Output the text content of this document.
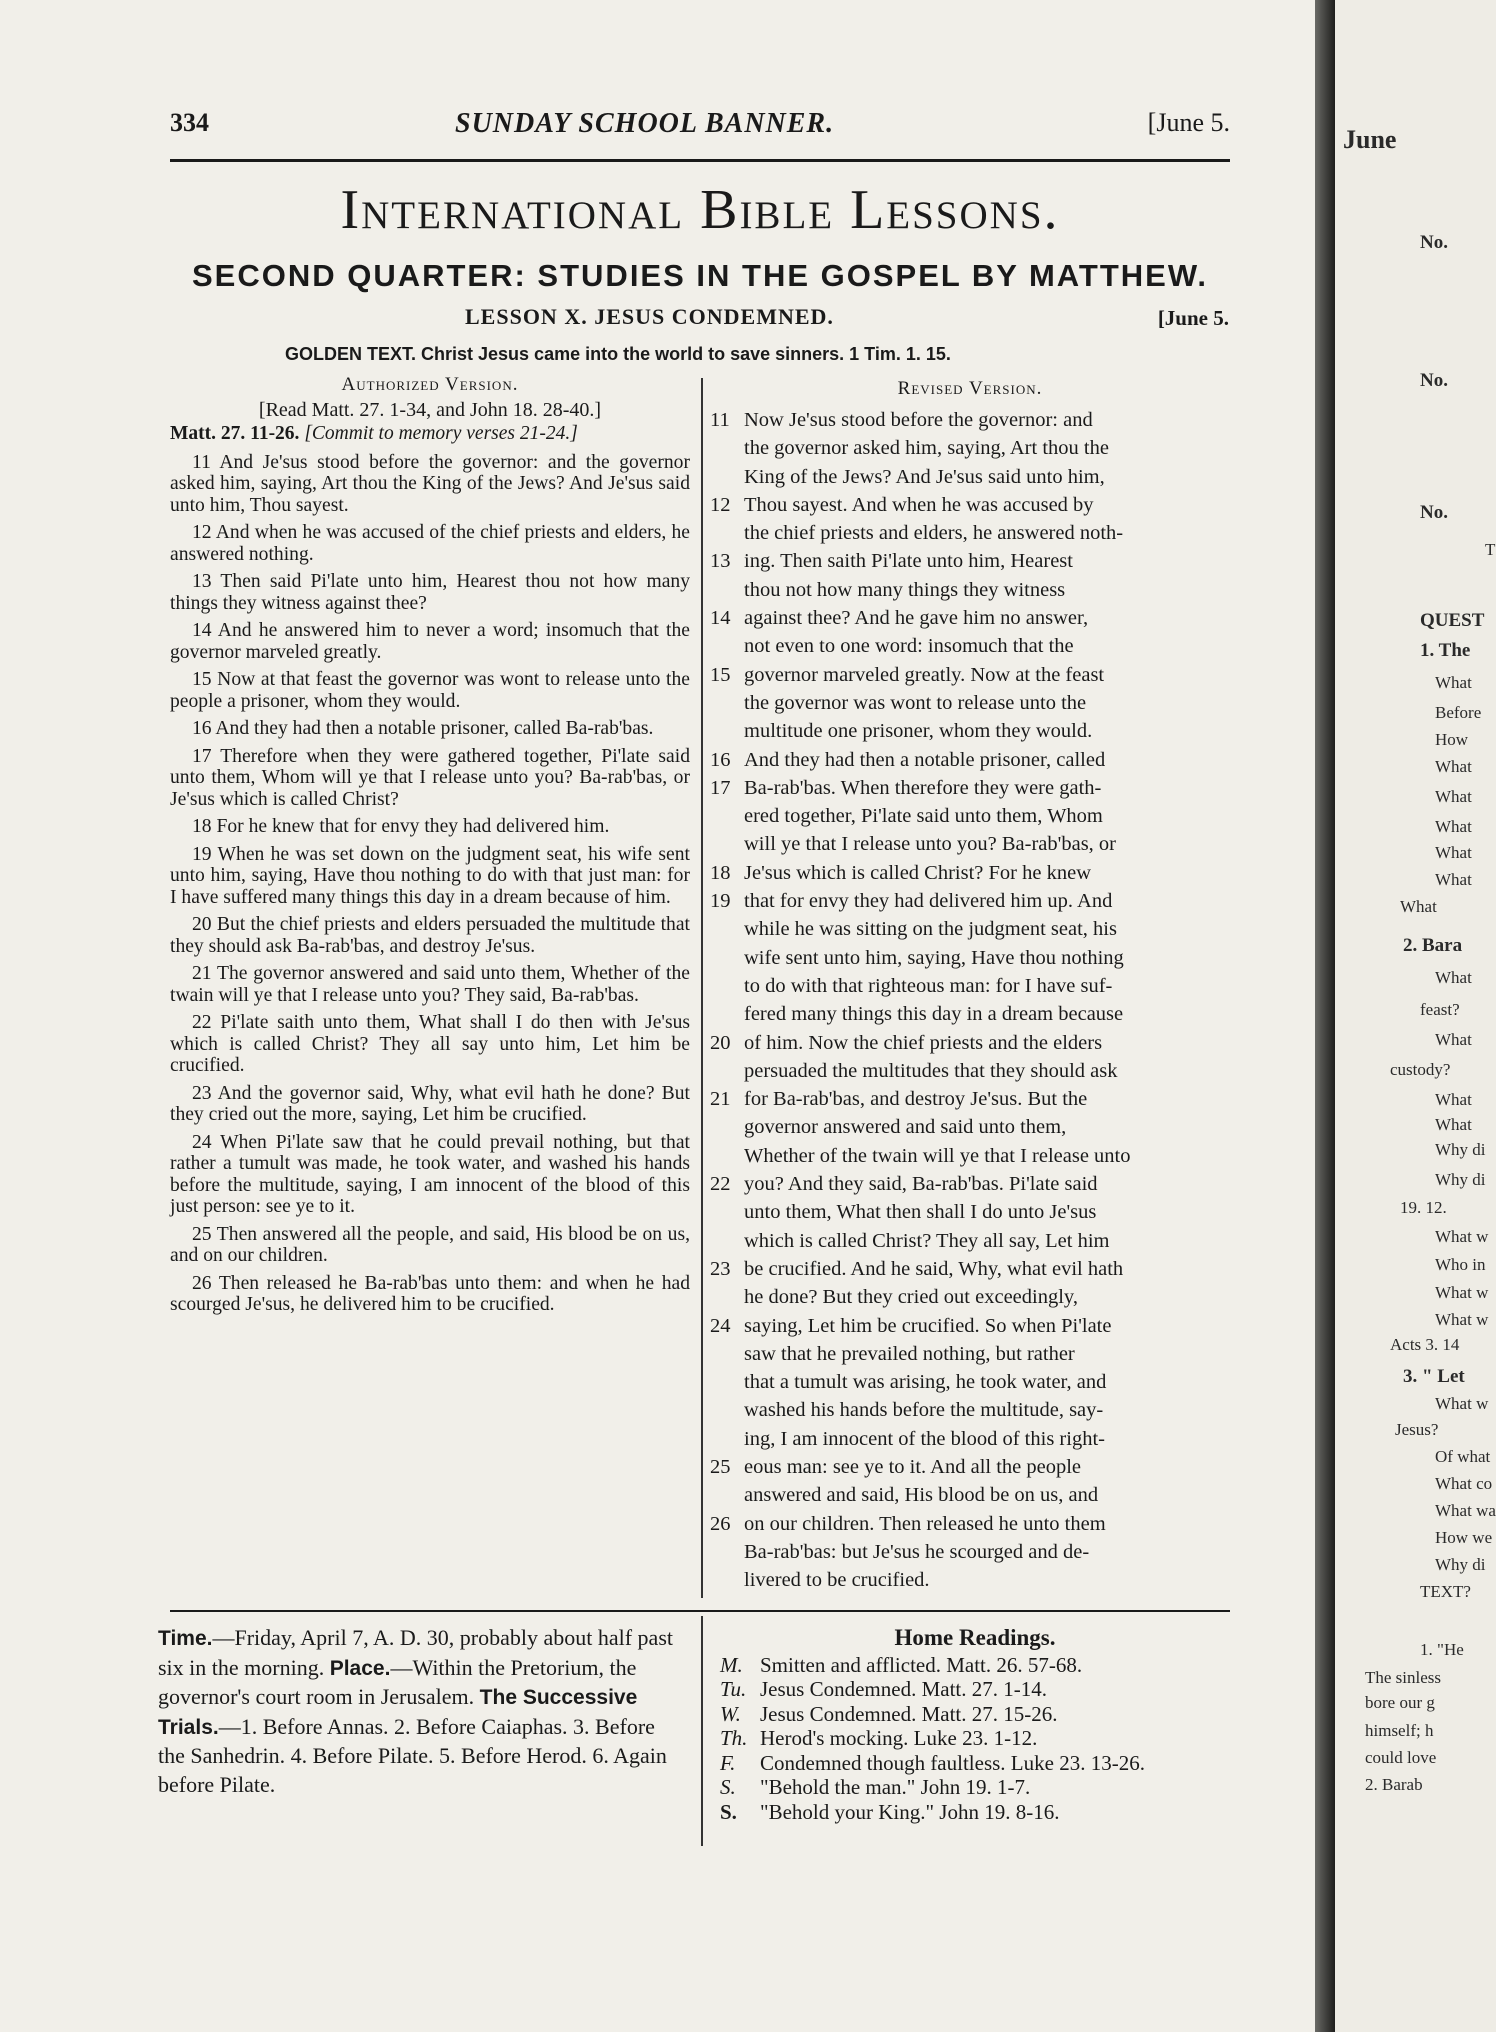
334	SUNDAY SCHOOL BANNER.	[June 5.
International Bible Lessons.
SECOND QUARTER: STUDIES IN THE GOSPEL BY MATTHEW.
LESSON X. JESUS CONDEMNED.	[June 5.
GOLDEN TEXT. Christ Jesus came into the world to save sinners. 1 Tim. 1. 15.
Authorized Version.
[Read Matt. 27. 1-34, and John 18. 28-40.]
Matt. 27. 11-26. [Commit to memory verses 21-24.]
11 And Je'sus stood before the governor: and the governor asked him, saying, Art thou the King of the Jews? And Je'sus said unto him, Thou sayest.
12 And when he was accused of the chief priests and elders, he answered nothing.
13 Then said Pi'late unto him, Hearest thou not how many things they witness against thee?
14 And he answered him to never a word; insomuch that the governor marveled greatly.
15 Now at that feast the governor was wont to release unto the people a prisoner, whom they would.
16 And they had then a notable prisoner, called Ba-rab'bas.
17 Therefore when they were gathered together, Pi'late said unto them, Whom will ye that I release unto you? Ba-rab'bas, or Je'sus which is called Christ?
18 For he knew that for envy they had delivered him.
19 When he was set down on the judgment seat, his wife sent unto him, saying, Have thou nothing to do with that just man: for I have suffered many things this day in a dream because of him.
20 But the chief priests and elders persuaded the multitude that they should ask Ba-rab'bas, and destroy Je'sus.
21 The governor answered and said unto them, Whether of the twain will ye that I release unto you? They said, Ba-rab'bas.
22 Pi'late saith unto them, What shall I do then with Je'sus which is called Christ? They all say unto him, Let him be crucified.
23 And the governor said, Why, what evil hath he done? But they cried out the more, saying, Let him be crucified.
24 When Pi'late saw that he could prevail nothing, but that rather a tumult was made, he took water, and washed his hands before the multitude, saying, I am innocent of the blood of this just person: see ye to it.
25 Then answered all the people, and said, His blood be on us, and on our children.
26 Then released he Ba-rab'bas unto them: and when he had scourged Je'sus, he delivered him to be crucified.
Revised Version.
11 Now Je'sus stood before the governor: and
the governor asked him, saying, Art thou the
King of the Jews? And Je'sus said unto him,
12 Thou sayest. And when he was accused by
the chief priests and elders, he answered noth-
13 ing. Then saith Pi'late unto him, Hearest
thou not how many things they witness
14 against thee? And he gave him no answer,
not even to one word: insomuch that the
15 governor marveled greatly. Now at the feast
the governor was wont to release unto the
multitude one prisoner, whom they would.
16 And they had then a notable prisoner, called
17 Ba-rab'bas. When therefore they were gath-
ered together, Pi'late said unto them, Whom
will ye that I release unto you? Ba-rab'bas, or
18 Je'sus which is called Christ? For he knew
19 that for envy they had delivered him up. And
while he was sitting on the judgment seat, his
wife sent unto him, saying, Have thou nothing
to do with that righteous man: for I have suf-
fered many things this day in a dream because
20 of him. Now the chief priests and the elders
persuaded the multitudes that they should ask
21 for Ba-rab'bas, and destroy Je'sus. But the
governor answered and said unto them,
Whether of the twain will ye that I release unto
22 you? And they said, Ba-rab'bas. Pi'late said
unto them, What then shall I do unto Je'sus
which is called Christ? They all say, Let him
23 be crucified. And he said, Why, what evil hath
he done? But they cried out exceedingly,
24 saying, Let him be crucified. So when Pi'late
saw that he prevailed nothing, but rather
that a tumult was arising, he took water, and
washed his hands before the multitude, say-
ing, I am innocent of the blood of this right-
25 eous man: see ye to it. And all the people
answered and said, His blood be on us, and
26 on our children. Then released he unto them
Ba-rab'bas: but Je'sus he scourged and de-
livered to be crucified.
Time.—Friday, April 7, A. D. 30, probably about half past six in the morning. Place.—Within the Pretorium, the governor's court room in Jerusalem. The Successive Trials.—1. Before Annas. 2. Before Caiaphas. 3. Before the Sanhedrin. 4. Before Pilate. 5. Before Herod. 6. Again before Pilate.
Home Readings.
M. Smitten and afflicted. Matt. 26. 57-68.
Tu. Jesus Condemned. Matt. 27. 1-14.
W. Jesus Condemned. Matt. 27. 15-26.
Th. Herod's mocking. Luke 23. 1-12.
F. Condemned though faultless. Luke 23. 13-26.
S. "Behold the man." John 19. 1-7.
S. "Behold your King." John 19. 8-16.
June
No.
No.
No.
T
QUEST
1. The
What
Before
How
What
What
What
What
What
What
2. Bara
What
feast?
What
custody?
What
What
Why di
Why di
19. 12.
What w
Who in
What w
What w
Acts 3. 14
3. " Let
What w
Jesus?
Of what
What co
What wa
How we
Why di
TEXT?
1. "He
The sinless
bore our g
himself; h
could love
2. Barab
